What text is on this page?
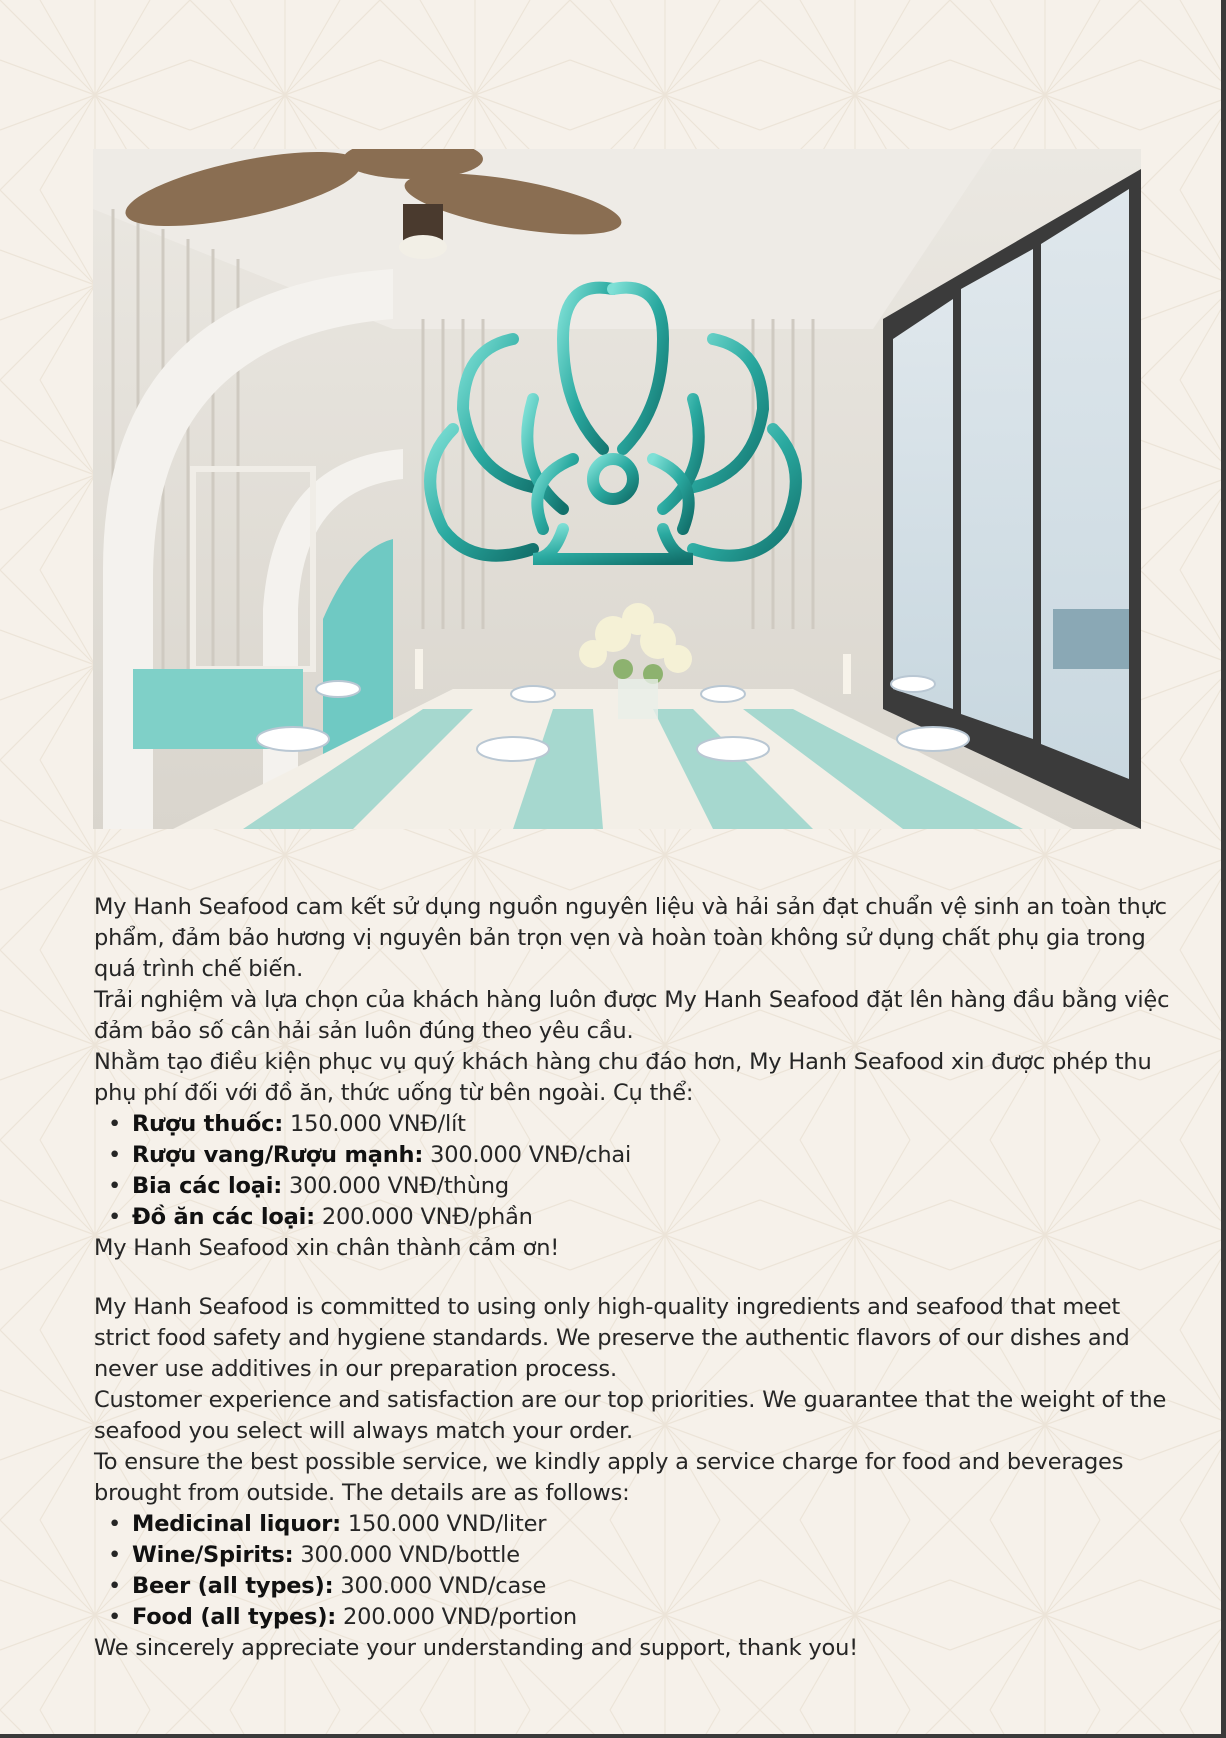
My Hanh Seafood cam kết sử dụng nguồn nguyên liệu và hải sản đạt chuẩn vệ sinh an toàn thực phẩm, đảm bảo hương vị nguyên bản trọn vẹn và hoàn toàn không sử dụng chất phụ gia trong quá trình chế biến.

Trải nghiệm và lựa chọn của khách hàng luôn được My Hanh Seafood đặt lên hàng đầu bằng việc đảm bảo số cân hải sản luôn đúng theo yêu cầu.

Nhằm tạo điều kiện phục vụ quý khách hàng chu đáo hơn, My Hanh Seafood xin được phép thu phụ phí đối với đồ ăn, thức uống từ bên ngoài. Cụ thể:

• Rượu thuốc: 150.000 VNĐ/lít
• Rượu vang/Rượu mạnh: 300.000 VNĐ/chai
• Bia các loại: 300.000 VNĐ/thùng
• Đồ ăn các loại: 200.000 VNĐ/phần

My Hanh Seafood xin chân thành cảm ơn!

My Hanh Seafood is committed to using only high-quality ingredients and seafood that meet strict food safety and hygiene standards. We preserve the authentic flavors of our dishes and never use additives in our preparation process.

Customer experience and satisfaction are our top priorities. We guarantee that the weight of the seafood you select will always match your order.

To ensure the best possible service, we kindly apply a service charge for food and beverages brought from outside. The details are as follows:

• Medicinal liquor: 150.000 VND/liter
• Wine/Spirits: 300.000 VND/bottle
• Beer (all types): 300.000 VND/case
• Food (all types): 200.000 VND/portion

We sincerely appreciate your understanding and support, thank you!
